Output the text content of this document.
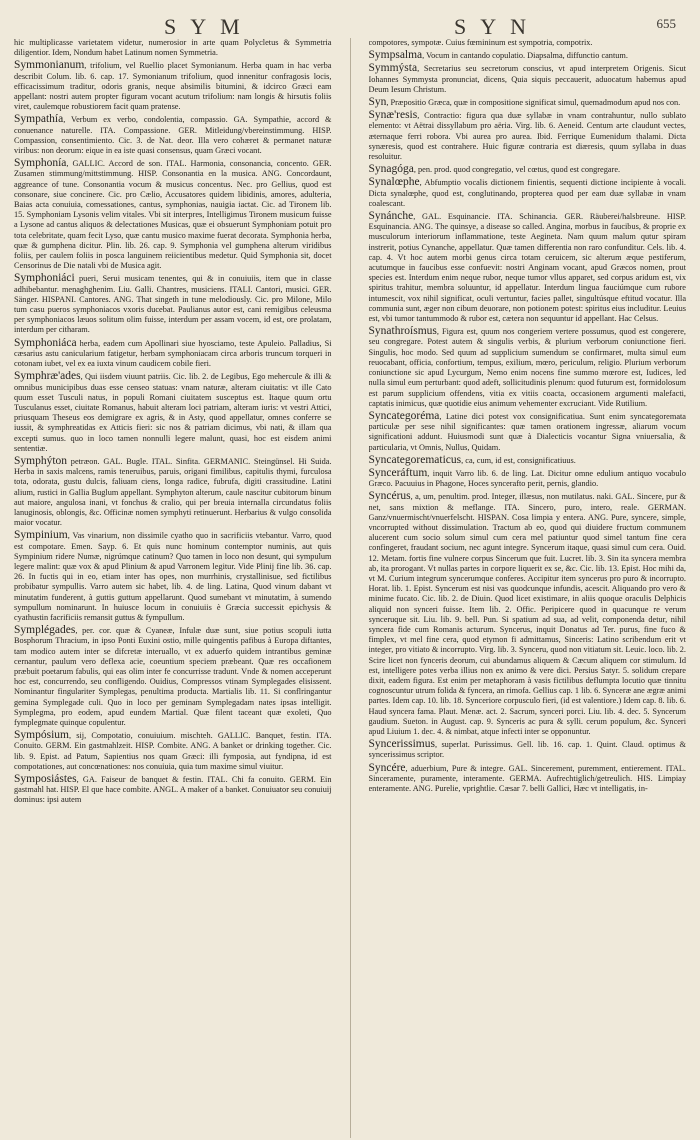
SYM	SYN	655

hic multiplicasse varietatem videtur, numerosior in arte quam Polycletus & Symmetria diligentior. Idem, Nondum habet Latinum nomen Symmetria.

Symmonianum, trifolium, vel Ruellio placet Symonianum. Herba quam in hac verba describit Colum. lib. 6. cap. 17. Symonianum trifolium, quod innenitur confragosis locis, efficacissimum traditur, odoris granis, neque absimilis bitumini, & idcirco Græci eam appellant: nostri autem propter figuram vocant acutum trifolium: nam longis & hirsutis foliis viret, caulemque robustiorem facit quam pratense.

Sympathía, Verbum ex verbo, condolentia, compassio. GA. Sympathie, accord & conuenance naturelle. ITA. Compassione. GER. Mitleidung/vbereinstimmung. HISP. Compassion, consentimiento. Cic. 3. de Nat. deor. Illa vero cohæret & permanet naturæ viribus: non deorum: eique in ea iste quasi consensus, quam Græci vocant.

Symphonía, GALLIC. Accord de son. ITAL. Harmonia, consonancia, concento. GER. Zusamen stimmung/mittstimmung. HISP. Consonantia en la musica. ANG. Concordaunt, aggreance of tune. Consonantia vocum & musicus concentus. Nec. pro Gellius, quod est consonare, siue concinere. Cic. pro Cælio, Accusatores quidem libidinis, amores, adulteria, Baias acta conuiuia, comessationes, cantus, symphonias, nauigia iactat. Cic. ad Tironem lib. 15. Symphoniam Lysonis velim vitales. Vbi sit interpres, Intelligimus Tironem musicum fuisse a Lysone ad cantus aliquos & delectationes Musicas, quæ ei obsuerunt Symphoniam potuit pro tota celebritate, quam fecit Lyso, quæ cantu musico maxime fuerat decorata. Symphonia herba, quæ & gumphena dicitur. Plin. lib. 26. cap. 9. Symphonia vel gumphena alterum viridibus foliis, per caulem foliis in posca languinem reiicientibus medetur. Quid Symphonia sit, docet Censorinus de Die natali vbi de Musica agit.

Symphoniáci pueri, Serui musicam tenentes, qui & in conuiuiis, item que in classe adhibebantur. menaghghenim. Liu. Galli. Chantres, musiciens. ITALI. Cantori, musici. GER. Sänger. HISPANI. Cantores. ANG. That singeth in tune melodiously. Cic. pro Milone, Milo tum casu pueros symphoniacos vxoris ducebat. Paulianus autor est, cani remigibus celeusma per symphoniacos læuos solitum olim fuisse, interdum per assam vocem, id est, ore prolatam, interdum per citharam.

Symphoniáca herba, eadem cum Apollinari siue hyosciamo, teste Apuleio. Palladius, Si cæsarius astu canicularium fatigetur, herbam symphoniacam circa arboris truncum torqueri in cotonam iubet, vel ex ea iuxta vinum caudicem cobile fieri.

Symphræ'ades, Qui iisdem viuunt patriis. Cic. lib. 2. de Legibus, Ego mehercule & illi & omnibus municipibus duas esse censeo statuas: vnam naturæ, alteram ciuitatis: vt ille Cato quum esset Tusculi natus, in populi Romani ciuitatem susceptus est. Itaque quum ortu Tusculanus esset, ciuitate Romanus, habuit alteram loci patriam, alteram iuris: vt vestri Attici, priusquam Theseus eos demigrare ex agris, & in Asty, quod appellatur, omnes conferre se iussit, & symphreatidas ex Atticis fieri: sic nos & patriam dicimus, vbi nati, & illam qua excepti sumus. quo in loco tamen nonnulli legere malunt, quasi, hoc est eisdem animi sententiæ.

Symphýton petræon. GAL. Bugle. ITAL. Sinfita. GERMANIC. Steingünsel. Hi Suida. Herba in saxis malcens, ramis teneruibus, paruis, origani fimilibus, capitulis thymi, furculosa tota, odorata, gustu dulcis, faliuam ciens, longa radice, fubrufa, digiti crassitudine. Latini alium, rustici in Gallia Buglum appellant. Symphyton alterum, caule nascitur cubitorum binum aut maiore, angulosa inani, vt fonchus & cralio, qui per breuia internalla circundatus foliis lanuginosis, oblongis, &c. Officinæ nomen symphyti retinuerunt. Herbarius & vulgo consolida maior vocatur.

Sympinium, Vas vinarium, non dissimile cyatho quo in sacrificiis vtebantur. Varro, quod est compotare. Emen. Sayp. 6. Et quis nunc hominum contemptor numinis, aut quis Sympinium ridere Numæ, nigrúmque catinum? Quo tamen in loco non desunt, qui sympulum legere malint: quæ vox & apud Plinium & apud Varronem legitur. Vide Plinij fine lib. 36. cap. 26. In fuctis qui in eo, etiam inter has opes, non murrhinis, crystallinisue, sed fictilibus probibatur sympullis. Varro autem sic habet, lib. 4. de ling. Latina, Quod vinum dabant vt minutatim funderent, à guttis guttum appellarunt. Quod sumebant vt minutatim, à sumendo sympullum nominarunt. In huiusce locum in conuiuiis è Græcia successit epichysis & cyathustin facrificiis remansit guttus & fympullum.

Symplégades, per. cor. quæ & Cyaneæ, Infulæ duæ sunt, siue potius scopuli iutta Bosphorum Thracium, in ipso Ponti Euxini ostio, mille quingentis pafibus à Europa diftantes, tam modico autem inter se difcretæ interuallo, vt ex aduerfo quidem intrantibus geminæ cernantur, paulum vero deflexa acie, coeuntium speciem præbeant. Quæ res occafionem præbuit poetarum fabulis, qui eas olim inter fe concurrisse tradunt. Vnde & nomen acceperunt hoc est, concurrendo, seu confligendo. Ouidius, Compressos vtinam Symplegades elisissent. Nominantur fingulariter Symplegas, penultima producta. Martialis lib. 11. Si conflringantur gemina Symplegade culi. Quo in loco per geminam Symplegadam nates ipsas intelligit. Symplegma, pro eodem, apud eundem Martial. Quæ filent taceant quæ exoleti, Quo fymplegmate quinque copulentur.

Sympósium, sij, Compotatio, conuiuium. mischteh. GALLIC. Banquet, festin. ITA. Conuito. GERM. Ein gastmahlzeit. HISP. Combite. ANG. A banket or drinking together. Cic. lib. 9. Epist. ad Patum, Sapientius nos quam Græci: illi fymposia, aut fyndipna, id est compotationes, aut concœnationes: nos conuiuia, quia tum maxime simul viuitur.

Symposiástes, GA. Faiseur de banquet & festin. ITAL. Chi fa conuito. GERM. Ein gastmahl hat. HISP. El que hace combite. ANGL. A maker of a banket. Conuiuator seu conuiuij dominus: ipsi autem

compotores, sympotæ. Cuius fœmininum est sympotria, compotrix.

Sympsalma, Vocum in cantando copulatio. Diapsalma, diffunctio cantum.

Symmýsta, Secretarius seu secretorum conscius, vt apud interpretem Origenis. Sicut Iohannes Symmysta pronunciat, dicens, Quia siquis peccauerit, aduocatum habemus apud Deum Iesum Christum.

Syn, Præpositio Græca, quæ in compositione significat simul, quemadmodum apud nos con.

Synæ'resis, Contractio: figura qua duæ syllabæ in vnam contrahuntur, nullo sublato elemento: vt Aëtrai dissyllabum pro aëria. Virg. lib. 6. Aeneid. Centum arte claudunt vectes, æternaque ferri robora. Vbi aurea pro aurea. Ibid. Ferrique Eumenidum thalami. Dicta synæresis, quod est contrahere. Huic figuræ contraria est diæresis, quum syllaba in duas resoluitur.

Synagóga, pen. prod. quod congregatio, vel cœtus, quod est congregare.

Synalœphe, Abfumptio vocalis dictionem finientis, sequenti dictione incipiente à vocali. Dicta synalœphe, quod est, conglutinando, propterea quod per eam duæ syllabæ in vnam coalescant.

Synánche, GAL. Esquinancie. ITA. Schinancia. GER. Räuberei/halsbreune. HISP. Esquinancia. ANG. The quinsye, a disease so called. Angina, morbus in faucibus, & proprie ex musculorum interiorum inflammatione, teste Aegineta. Nam quum malum qutur spiram instrerit, potius Cynanche, appellatur. Quæ tamen differentia non raro confunditur. Cels. lib. 4. cap. 4. Vt hoc autem morbi genus circa totam ceruicem, sic alterum æque pestiferum, acutumque in faucibus esse confuevit: nostri Anginam vocant, apud Græcos nomen, prout species est. Interdum enim neque rubor, neque tumor vllus apparet, sed corpus aridum est, vix spiritus trahitur, membra soluuntur, id appellatur. Interdum lingua fauciúmque cum rubore intumescit, vox nihil significat, oculi vertuntur, facies pallet, singultúsque eftitud vocatur. Illa communia sunt, æger non cibum deuorare, non potionem potest: spiritus eius includitur. Leuius est, vbi tumor tantummodo & rubor est, cætera non sequuntur id appellant. Hac Celsus.

Synathroísmus, Figura est, quum nos congeriem vertere possumus, quod est congerere, seu congregare. Potest autem & singulis verbis, & plurium verborum coniunctione fieri. Singulis, hoc modo. Sed quum ad supplicium sumendum se confirmaret, multa simul eum reuocabant, officia, confortium, tempus, exilium, mœro, periculum, religio. Plurium verborum coniunctione sic apud Lycurgum, Nemo enim nocens fine summo mœrore est, Iudices, led nulla simul eum perturbant: quod adeft, sollicitudinis plenum: quod futurum est, formidolosum est parum supplicium offendens, vitia ex vitiis coacta, occasionem argumenti malefacti, captatis inimicus, quæ quotidie eius animum vehementer excruciant. Vide Rutilium.

Syncategoréma, Latine dici potest vox consignificatiua. Sunt enim syncategoremata particulæ per sese nihil significantes: quæ tamen orationem ingressæ, aliarum vocum significationi addunt. Huiusmodi sunt quæ à Dialecticis vocantur Signa vniuersalia, & particularia, vt Omnis, Nullus, Quidam.

Syncategorematicus, ca, cum, id est, consignificatiuus.

Synceráftum, inquit Varro lib. 6. de ling. Lat. Dicitur omne edulium antiquo vocabulo Græco. Pacuuius in Phagone, Hoces syncerafto perit, pernis, glandio.

Syncérus, a, um, penultim. prod. Integer, illæsus, non mutilatus. naki. GAL. Sincere, pur & net, sans mixtion & meflange. ITA. Sincero, puro, intero, reale. GERMAN. Ganz/vnuermischt/vnuerfelscht. HISPAN. Cosa limpia y entera. ANG. Pure, syncere, simple, vncorrupted without dissimulation. Tractum ab eo, quod qui diuidere fructum communem alucerent cum socio solum simul cum cera mel patiuntur quod simel tantum fine cera confingeret, fraudant socium, nec agunt integre. Syncerum itaque, quasi simul cum cera. Ouid. 12. Metam. fortis fine vulnere corpus Sincerum que fuit. Lucret. lib. 3. Sin ita syncera membra ab, ita prorogant. Vt nullas partes in corpore liquerit ex se, &c. Cic. lib. 13. Epist. Hoc mihi da, vt M. Curium integrum syncerumque conferes. Accipitur item syncerus pro puro & incorrupto. Horat. lib. 1. Epist. Syncerum est nisi vas quodcunque infundis, acescit. Aliquando pro vero & minime fucato. Cic. lib. 2. de Diuin. Quod licet existimare, in aliis quoque oraculis Delphicis aliquid non synceri fuisse. Item lib. 2. Offic. Peripicere quod in quacunque re verum synceruque sit. Liu. lib. 9. bell. Pun. Si spatium ad sua, ad velit, componenda detur, nihil syncera fide cum Romanis acturum. Syncerus, inquit Donatus ad Ter. purus, fine fuco & fimplex, vt mel fine cera, quod etymon fi admittamus, Sinceris: Latino scribendum erit vt integer, pro vitiato & incorrupto. Virg. lib. 3. Synceru, quod non vitiatum sit. Leuic. loco. lib. 2. Scire licet non fynceris deorum, cui abundamus aliquem & Cæcum aliquem cor stimulum. Id est, intelligere potes verba illius non ex animo & vere dici. Persius Satyr. 5. solidum crepare dixit, eadem figura. Est enim per metaphoram à vasis fictilibus deflumpta locutio quæ tinnitu cognoscuntur utrum folida & fyncera, an rimofa. Gellius cap. 1 lib. 6. Synceræ ane ægræ animi partes. Idem cap. 10. lib. 18. Synceriore corpusculo fieri, (id est valentiore.) Idem cap. 8. lib. 6. Haud syncera fama. Plaut. Menæ. act. 2. Sacrum, synceri porci. Liu. lib. 4. dec. 5. Syncerum gaudium. Sueton. in August. cap. 9. Synceris ac pura & sylli. cerum populum, &c. Synceri apud Liuium 1. dec. 4. & nimbat, atque infecti inter se opponuntur.

Syncerissimus, superlat. Purissimus. Gell. lib. 16. cap. 1. Quint. Claud. optimus & syncerissimus scriptor.

Syncére, aduerbium, Pure & integre. GAL. Sincerement, puremment, entierement. ITAL. Sinceramente, puramente, interamente. GERMA. Aufrechtiglich/getreulich. HIS. Limpiay enteramente. ANG. Purelie, vprightlie. Cæsar 7. belli Gallici, Hæc vt intelligatis, in-
